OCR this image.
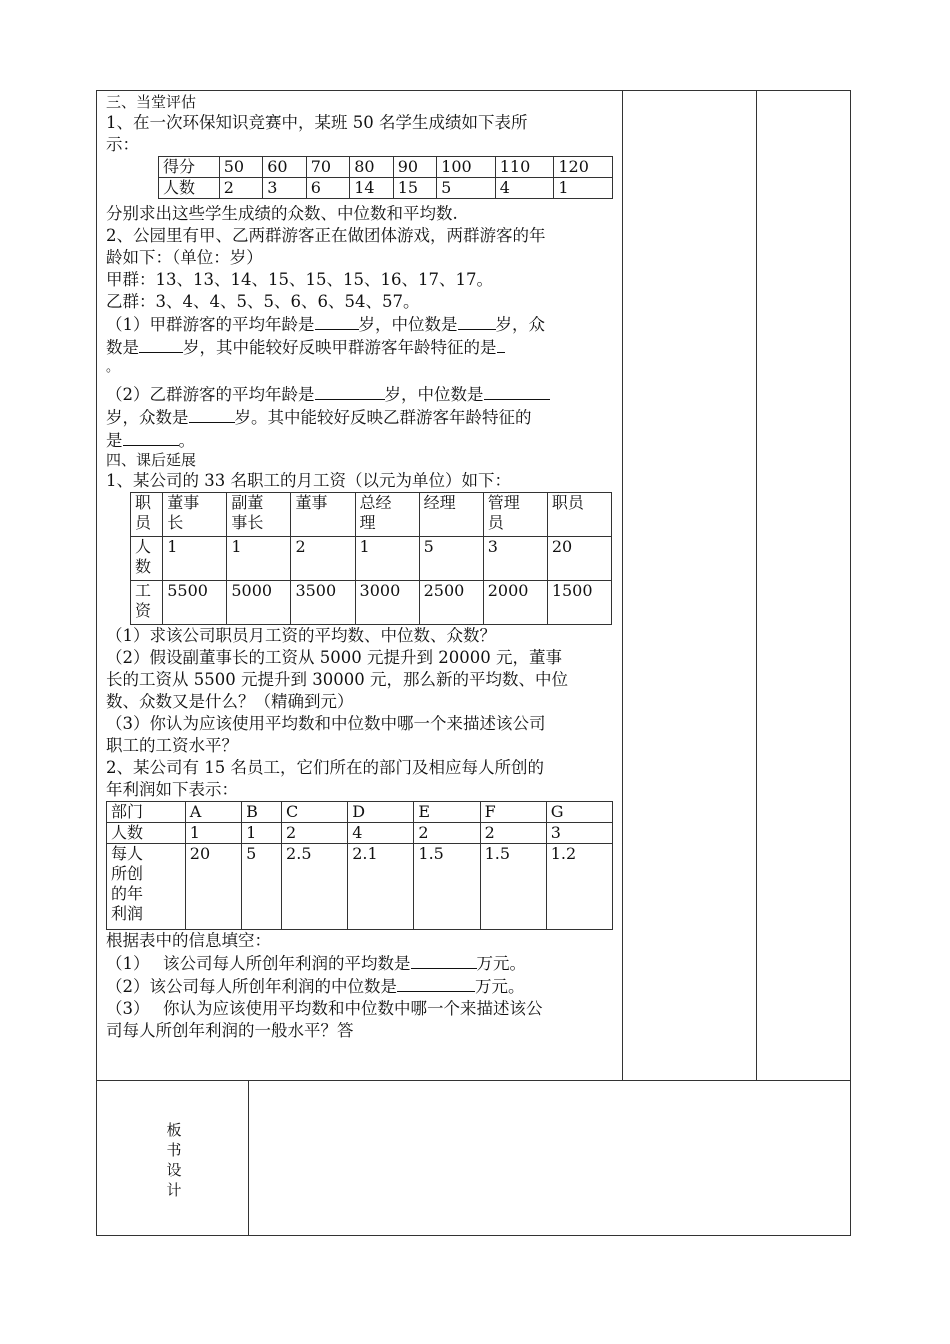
三、当堂评估

1、在一次环保知识竞赛中，某班 50 名学生成绩如下表所

示：

得分	50	60	70	80	90	100	110	120
人数	2	3	6	14	15	5	4	1

分别求出这些学生成绩的众数、中位数和平均数.

2、公园里有甲、乙两群游客正在做团体游戏，两群游客的年

龄如下：（单位：岁）

甲群：13、13、14、15、15、15、16、17、17。

乙群：3、4、4、5、5、6、6、54、57。

（1）甲群游客的平均年龄是	岁，中位数是 岁，众

数是	岁，其中能较好反映甲群游客年龄特征的是

。

（2）乙群游客的平均年龄是	岁，中位数是

岁，众数是	岁。其中能较好反映乙群游客年龄特征的

是	。

四、课后延展

1、某公司的 33 名职工的月工资（以元为单位）如下：

职
员	董事
长	副董
事长	董事	总经
理	经理	管理
员	职员
人
数	1	1	2	1	5	3	20
工
资	5500	5000	3500	3000	2500	2000	1500

（1）求该公司职员月工资的平均数、中位数、众数？

（2）假设副董事长的工资从 5000 元提升到 20000 元，董事

长的工资从 5500 元提升到 30000 元，那么新的平均数、中位

数、众数又是什么？（精确到元）

（3）你认为应该使用平均数和中位数中哪一个来描述该公司

职工的工资水平？

2、某公司有 15 名员工，它们所在的部门及相应每人所创的

年利润如下表示：

部门	A	B	C	D	E	F	G
人数	1	1	2	4	2	2	3
每人
所创
的年
利润	20	5	2.5	2.1	1.5	1.5	1.2

根据表中的信息填空：

（1）　 该公司每人所创年利润的平均数是	万元。

（2）该公司每人所创年利润的中位数是	万元。

（3）　 你认为应该使用平均数和中位数中哪一个来描述该公

司每人所创年利润的一般水平？答

板
书
设
计
